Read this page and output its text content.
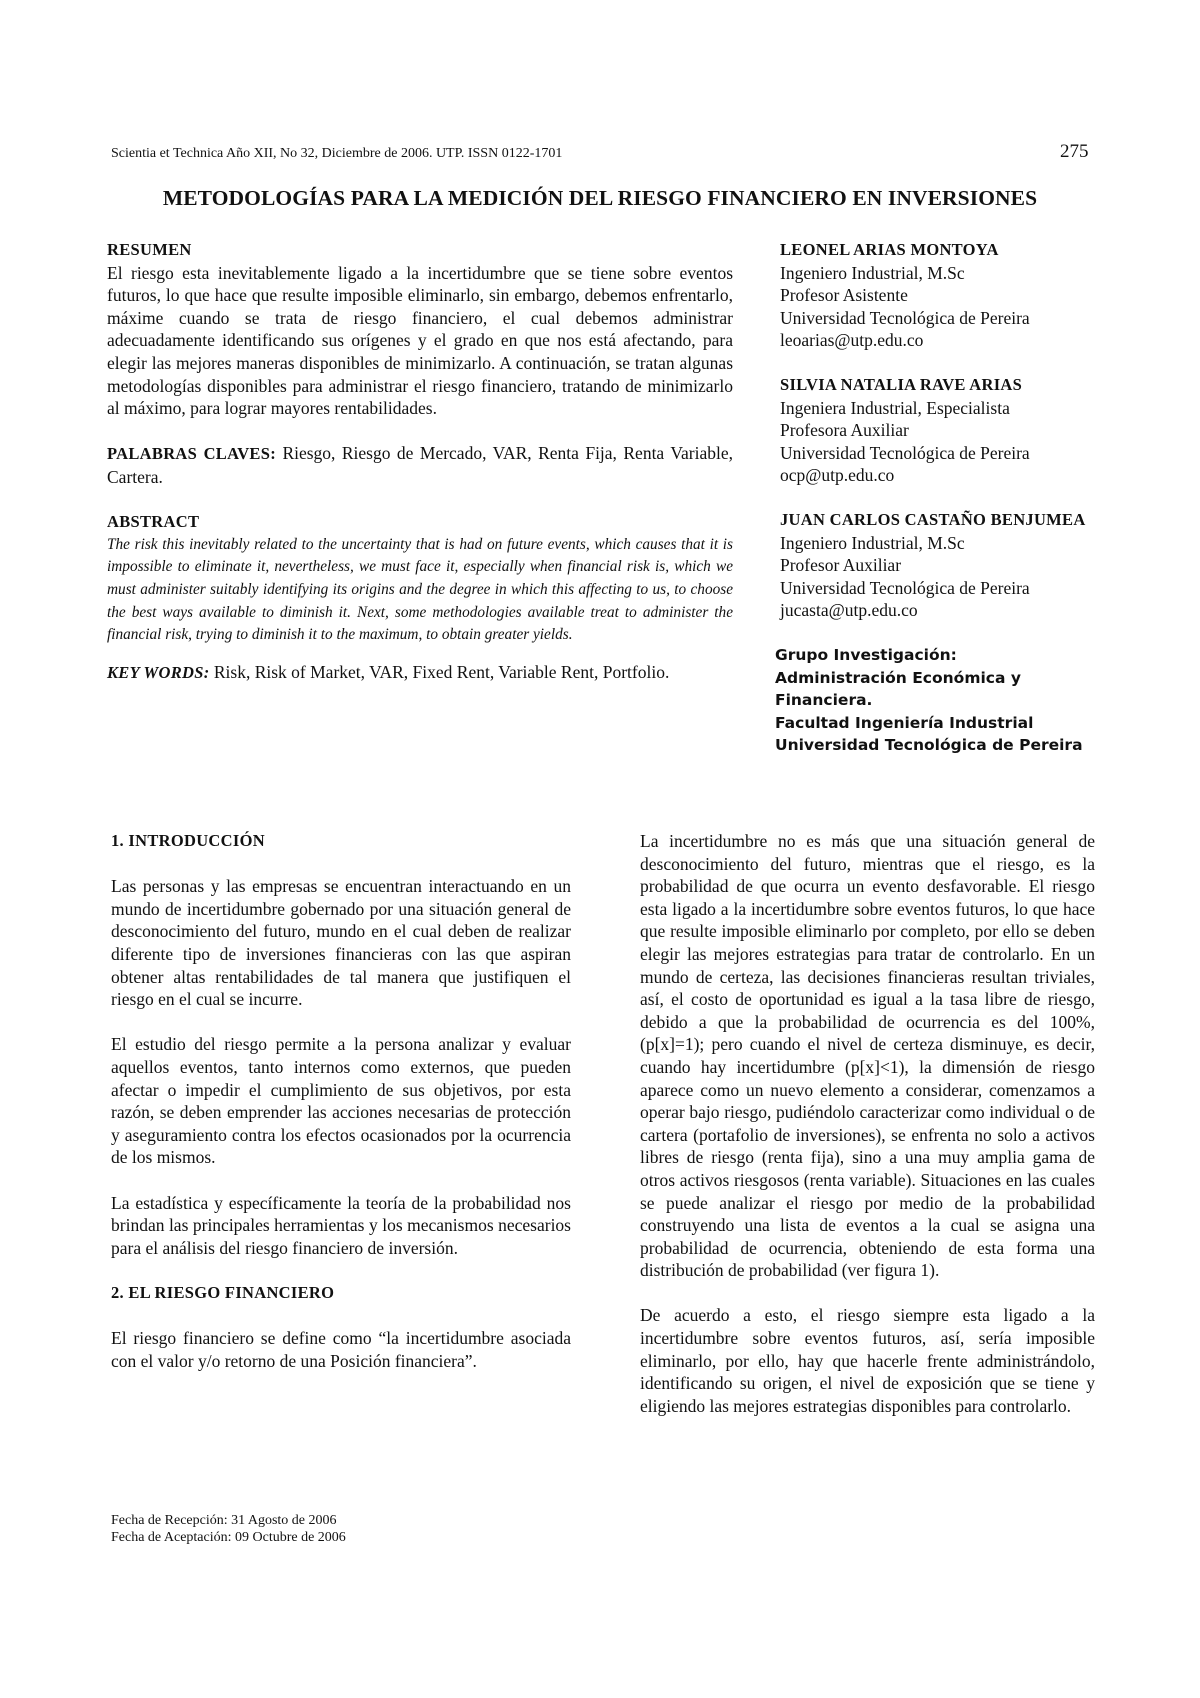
Scientia et Technica Año XII, No 32, Diciembre de 2006. UTP. ISSN 0122-1701	275
METODOLOGÍAS PARA LA MEDICIÓN DEL RIESGO FINANCIERO EN INVERSIONES
RESUMEN

El riesgo esta inevitablemente ligado a la incertidumbre que se tiene sobre eventos futuros, lo que hace que resulte imposible eliminarlo, sin embargo, debemos enfrentarlo, máxime cuando se trata de riesgo financiero, el cual debemos administrar adecuadamente identificando sus orígenes y el grado en que nos está afectando, para elegir las mejores maneras disponibles de minimizarlo. A continuación, se tratan algunas metodologías disponibles para administrar el riesgo financiero, tratando de minimizarlo al máximo, para lograr mayores rentabilidades.

PALABRAS CLAVES: Riesgo, Riesgo de Mercado, VAR, Renta Fija, Renta Variable, Cartera.

ABSTRACT

The risk this inevitably related to the uncertainty that is had on future events, which causes that it is impossible to eliminate it, nevertheless, we must face it, especially when financial risk is, which we must administer suitably identifying its origins and the degree in which this affecting to us, to choose the best ways available to diminish it. Next, some methodologies available treat to administer the financial risk, trying to diminish it to the maximum, to obtain greater yields.

KEY WORDS: Risk, Risk of Market, VAR, Fixed Rent, Variable Rent, Portfolio.

LEONEL ARIAS MONTOYA
Ingeniero Industrial, M.Sc
Profesor Asistente
Universidad Tecnológica de Pereira
leoarias@utp.edu.co
SILVIA NATALIA RAVE ARIAS
Ingeniera Industrial, Especialista
Profesora Auxiliar
Universidad Tecnológica de Pereira
ocp@utp.edu.co
JUAN CARLOS CASTAÑO BENJUMEA
Ingeniero Industrial, M.Sc
Profesor Auxiliar
Universidad Tecnológica de Pereira
jucasta@utp.edu.co
Grupo Investigación:
Administración Económica y Financiera.
Facultad Ingeniería Industrial
Universidad Tecnológica de Pereira
1. INTRODUCCIÓN

Las personas y las empresas se encuentran interactuando en un mundo de incertidumbre gobernado por una situación general de desconocimiento del futuro, mundo en el cual deben de realizar diferente tipo de inversiones financieras con las que aspiran obtener altas rentabilidades de tal manera que justifiquen el riesgo en el cual se incurre.

El estudio del riesgo permite a la persona analizar y evaluar aquellos eventos, tanto internos como externos, que pueden afectar o impedir el cumplimiento de sus objetivos, por esta razón, se deben emprender las acciones necesarias de protección y aseguramiento contra los efectos ocasionados por la ocurrencia de los mismos.

La estadística y específicamente la teoría de la probabilidad nos brindan las principales herramientas y los mecanismos necesarios para el análisis del riesgo financiero de inversión.

2. EL RIESGO FINANCIERO

El riesgo financiero se define como “la incertidumbre asociada con el valor y/o retorno de una Posición financiera”.

La incertidumbre no es más que una situación general de desconocimiento del futuro, mientras que el riesgo, es la probabilidad de que ocurra un evento desfavorable. El riesgo esta ligado a la incertidumbre sobre eventos futuros, lo que hace que resulte imposible eliminarlo por completo, por ello se deben elegir las mejores estrategias para tratar de controlarlo. En un mundo de certeza, las decisiones financieras resultan triviales, así, el costo de oportunidad es igual a la tasa libre de riesgo, debido a que la probabilidad de ocurrencia es del 100%, (p[x]=1); pero cuando el nivel de certeza disminuye, es decir, cuando hay incertidumbre (p[x]<1), la dimensión de riesgo aparece como un nuevo elemento a considerar, comenzamos a operar bajo riesgo, pudiéndolo caracterizar como individual o de cartera (portafolio de inversiones), se enfrenta no solo a activos libres de riesgo (renta fija), sino a una muy amplia gama de otros activos riesgosos (renta variable). Situaciones en las cuales se puede analizar el riesgo por medio de la probabilidad construyendo una lista de eventos a la cual se asigna una probabilidad de ocurrencia, obteniendo de esta forma una distribución de probabilidad (ver figura 1).

De acuerdo a esto, el riesgo siempre esta ligado a la incertidumbre sobre eventos futuros, así, sería imposible eliminarlo, por ello, hay que hacerle frente administrándolo, identificando su origen, el nivel de exposición que se tiene y eligiendo las mejores estrategias disponibles para controlarlo.

Fecha de Recepción: 31 Agosto de 2006
Fecha de Aceptación: 09 Octubre de 2006
